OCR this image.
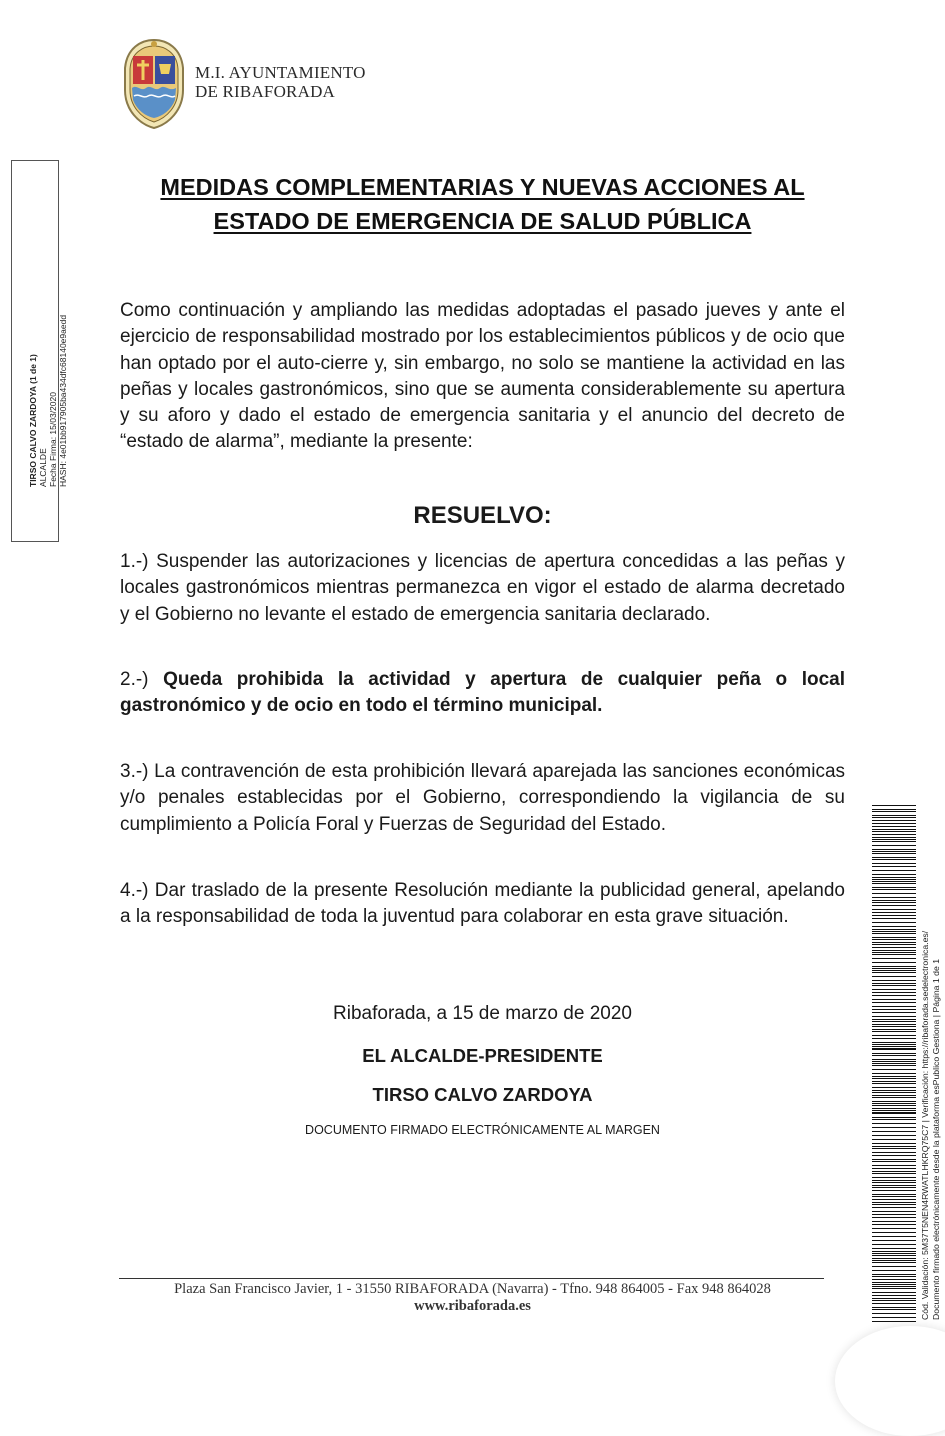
M.I. AYUNTAMIENTO
DE RIBAFORADA
TIRSO CALVO ZARDOYA (1 de 1) ALCALDE Fecha Firma: 15/03/2020 HASH: 4e01bb917905ba434dfc68140e9aedd
MEDIDAS COMPLEMENTARIAS Y NUEVAS ACCIONES AL
ESTADO DE EMERGENCIA DE SALUD PÚBLICA
Como continuación y ampliando las medidas adoptadas el pasado jueves y ante el ejercicio de responsabilidad mostrado por los establecimientos públicos y de ocio que han optado por el auto-cierre y, sin embargo, no solo se mantiene la actividad en las peñas y locales gastronómicos, sino que se aumenta considerablemente su apertura y su aforo y dado el estado de emergencia sanitaria y el anuncio del decreto de “estado de alarma”, mediante la presente:
RESUELVO:
1.-) Suspender las autorizaciones y licencias de apertura concedidas a las peñas y locales gastronómicos mientras permanezca en vigor el estado de alarma decretado y el Gobierno no levante el estado de emergencia sanitaria declarado.
2.-) Queda prohibida la actividad y apertura de cualquier peña o local gastronómico y de ocio en todo el término municipal.
3.-) La contravención de esta prohibición llevará aparejada las sanciones económicas y/o penales establecidas por el Gobierno, correspondiendo la vigilancia de su cumplimiento a Policía Foral y Fuerzas de Seguridad del Estado.
4.-) Dar traslado de la presente Resolución mediante la publicidad general, apelando a la responsabilidad de toda la juventud para colaborar en esta grave situación.
Ribaforada, a 15 de marzo de 2020
EL ALCALDE-PRESIDENTE
TIRSO CALVO ZARDOYA
DOCUMENTO FIRMADO ELECTRÓNICAMENTE AL MARGEN
Plaza San Francisco Javier, 1 - 31550 RIBAFORADA (Navarra) - Tfno. 948 864005 - Fax 948 864028
www.ribaforada.es	Cód. Validación: 5M37T5NEN4RWATLHKRQ75C7 | Verificación: https://ribaforada.sedelectronica.es/ Documento firmado electrónicamente desde la plataforma esPublico Gestiona | Página 1 de 1
